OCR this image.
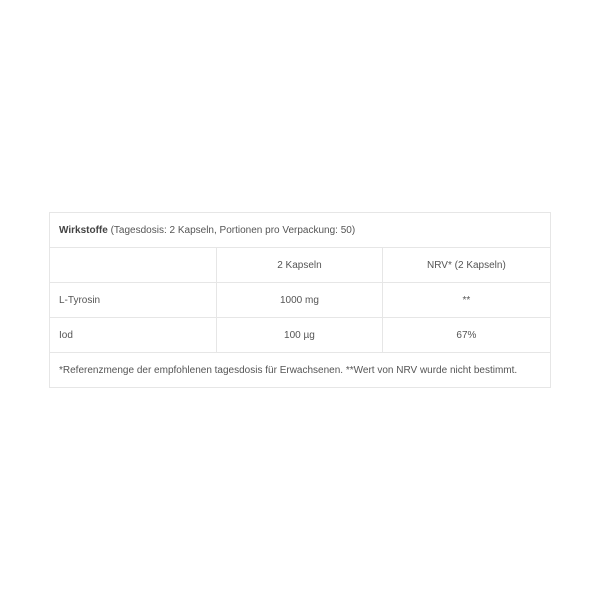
Wirkstoffe (Tagesdosis: 2 Kapseln, Portionen pro Verpackung: 50)		
	2 Kapseln	NRV* (2 Kapseln)
L-Tyrosin	1000 mg	**
Iod	100 µg	67%
*Referenzmenge der empfohlenen tagesdosis für Erwachsenen. **Wert von NRV wurde nicht bestimmt.		
